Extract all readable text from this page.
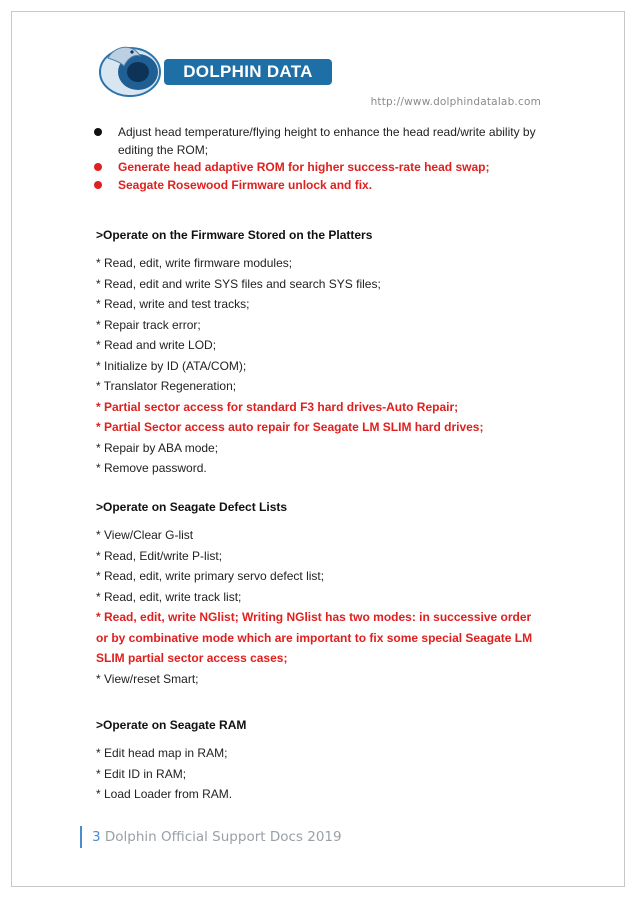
DOLPHIN DATA LAB	http://www.dolphindatalab.com
Adjust head temperature/flying height to enhance the head read/write ability by editing the ROM;
Generate head adaptive ROM for higher success-rate head swap;
Seagate Rosewood Firmware unlock and fix.
>Operate on the Firmware Stored on the Platters
* Read, edit, write firmware modules;
* Read, edit and write SYS files and search SYS files;
* Read, write and test tracks;
* Repair track error;
* Read and write LOD;
* Initialize by ID (ATA/COM);
* Translator Regeneration;
* Partial sector access for standard F3 hard drives-Auto Repair;
* Partial Sector access auto repair for Seagate LM SLIM hard drives;
* Repair by ABA mode;
* Remove password.
>Operate on Seagate Defect Lists
* View/Clear G-list
* Read, Edit/write P-list;
* Read, edit, write primary servo defect list;
* Read, edit, write track list;
* Read, edit, write NGlist; Writing NGlist has two modes: in successive order or by combinative mode which are important to fix some special Seagate LM SLIM partial sector access cases;
* View/reset Smart;
>Operate on Seagate RAM
* Edit head map in RAM;
* Edit ID in RAM;
* Load Loader from RAM.
3 Dolphin Official Support Docs 2019
